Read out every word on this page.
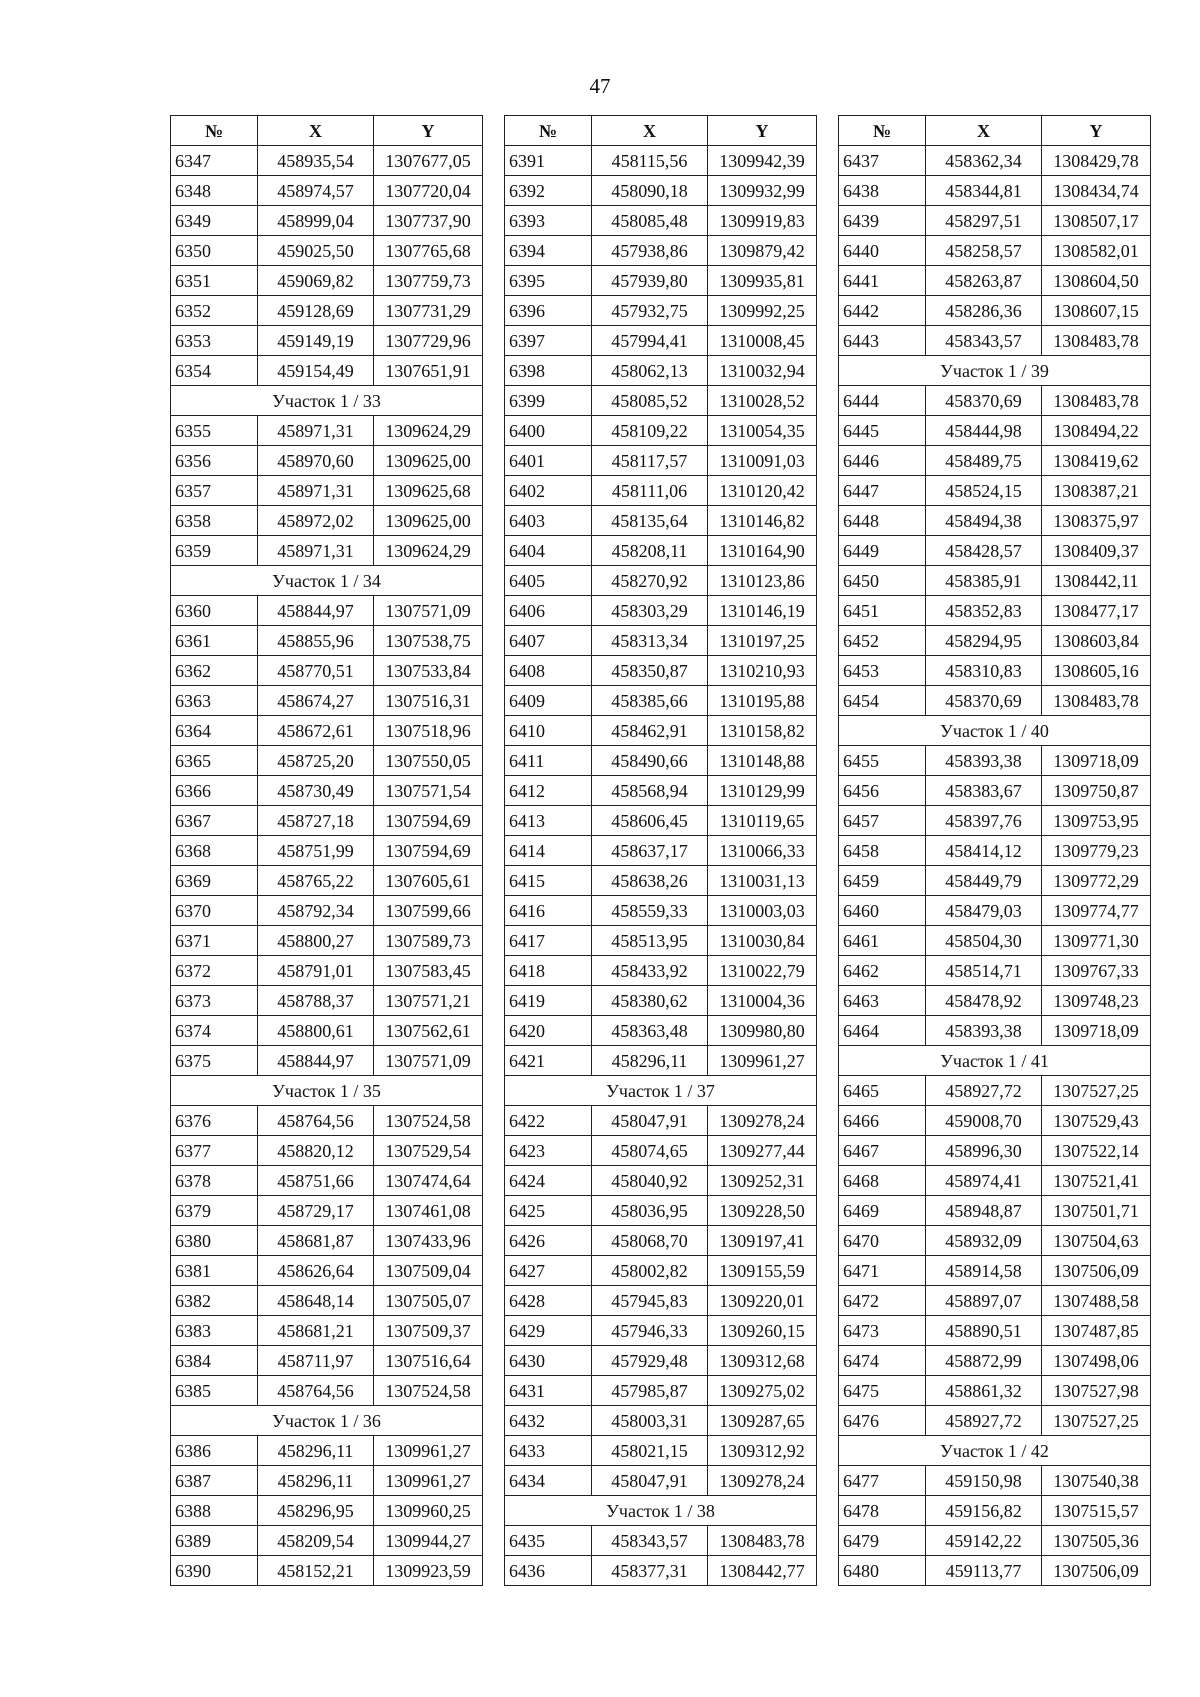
47
№	X	Y
6347	458935,54	1307677,05
6348	458974,57	1307720,04
6349	458999,04	1307737,90
6350	459025,50	1307765,68
6351	459069,82	1307759,73
6352	459128,69	1307731,29
6353	459149,19	1307729,96
6354	459154,49	1307651,91
Участок 1 / 33		
6355	458971,31	1309624,29
6356	458970,60	1309625,00
6357	458971,31	1309625,68
6358	458972,02	1309625,00
6359	458971,31	1309624,29
Участок 1 / 34		
6360	458844,97	1307571,09
6361	458855,96	1307538,75
6362	458770,51	1307533,84
6363	458674,27	1307516,31
6364	458672,61	1307518,96
6365	458725,20	1307550,05
6366	458730,49	1307571,54
6367	458727,18	1307594,69
6368	458751,99	1307594,69
6369	458765,22	1307605,61
6370	458792,34	1307599,66
6371	458800,27	1307589,73
6372	458791,01	1307583,45
6373	458788,37	1307571,21
6374	458800,61	1307562,61
6375	458844,97	1307571,09
Участок 1 / 35		
6376	458764,56	1307524,58
6377	458820,12	1307529,54
6378	458751,66	1307474,64
6379	458729,17	1307461,08
6380	458681,87	1307433,96
6381	458626,64	1307509,04
6382	458648,14	1307505,07
6383	458681,21	1307509,37
6384	458711,97	1307516,64
6385	458764,56	1307524,58
Участок 1 / 36		
6386	458296,11	1309961,27
6387	458296,11	1309961,27
6388	458296,95	1309960,25
6389	458209,54	1309944,27
6390	458152,21	1309923,59
№	X	Y
6391	458115,56	1309942,39
6392	458090,18	1309932,99
6393	458085,48	1309919,83
6394	457938,86	1309879,42
6395	457939,80	1309935,81
6396	457932,75	1309992,25
6397	457994,41	1310008,45
6398	458062,13	1310032,94
6399	458085,52	1310028,52
6400	458109,22	1310054,35
6401	458117,57	1310091,03
6402	458111,06	1310120,42
6403	458135,64	1310146,82
6404	458208,11	1310164,90
6405	458270,92	1310123,86
6406	458303,29	1310146,19
6407	458313,34	1310197,25
6408	458350,87	1310210,93
6409	458385,66	1310195,88
6410	458462,91	1310158,82
6411	458490,66	1310148,88
6412	458568,94	1310129,99
6413	458606,45	1310119,65
6414	458637,17	1310066,33
6415	458638,26	1310031,13
6416	458559,33	1310003,03
6417	458513,95	1310030,84
6418	458433,92	1310022,79
6419	458380,62	1310004,36
6420	458363,48	1309980,80
6421	458296,11	1309961,27
Участок 1 / 37		
6422	458047,91	1309278,24
6423	458074,65	1309277,44
6424	458040,92	1309252,31
6425	458036,95	1309228,50
6426	458068,70	1309197,41
6427	458002,82	1309155,59
6428	457945,83	1309220,01
6429	457946,33	1309260,15
6430	457929,48	1309312,68
6431	457985,87	1309275,02
6432	458003,31	1309287,65
6433	458021,15	1309312,92
6434	458047,91	1309278,24
Участок 1 / 38		
6435	458343,57	1308483,78
6436	458377,31	1308442,77
№	X	Y
6437	458362,34	1308429,78
6438	458344,81	1308434,74
6439	458297,51	1308507,17
6440	458258,57	1308582,01
6441	458263,87	1308604,50
6442	458286,36	1308607,15
6443	458343,57	1308483,78
Участок 1 / 39		
6444	458370,69	1308483,78
6445	458444,98	1308494,22
6446	458489,75	1308419,62
6447	458524,15	1308387,21
6448	458494,38	1308375,97
6449	458428,57	1308409,37
6450	458385,91	1308442,11
6451	458352,83	1308477,17
6452	458294,95	1308603,84
6453	458310,83	1308605,16
6454	458370,69	1308483,78
Участок 1 / 40		
6455	458393,38	1309718,09
6456	458383,67	1309750,87
6457	458397,76	1309753,95
6458	458414,12	1309779,23
6459	458449,79	1309772,29
6460	458479,03	1309774,77
6461	458504,30	1309771,30
6462	458514,71	1309767,33
6463	458478,92	1309748,23
6464	458393,38	1309718,09
Участок 1 / 41		
6465	458927,72	1307527,25
6466	459008,70	1307529,43
6467	458996,30	1307522,14
6468	458974,41	1307521,41
6469	458948,87	1307501,71
6470	458932,09	1307504,63
6471	458914,58	1307506,09
6472	458897,07	1307488,58
6473	458890,51	1307487,85
6474	458872,99	1307498,06
6475	458861,32	1307527,98
6476	458927,72	1307527,25
Участок 1 / 42		
6477	459150,98	1307540,38
6478	459156,82	1307515,57
6479	459142,22	1307505,36
6480	459113,77	1307506,09
